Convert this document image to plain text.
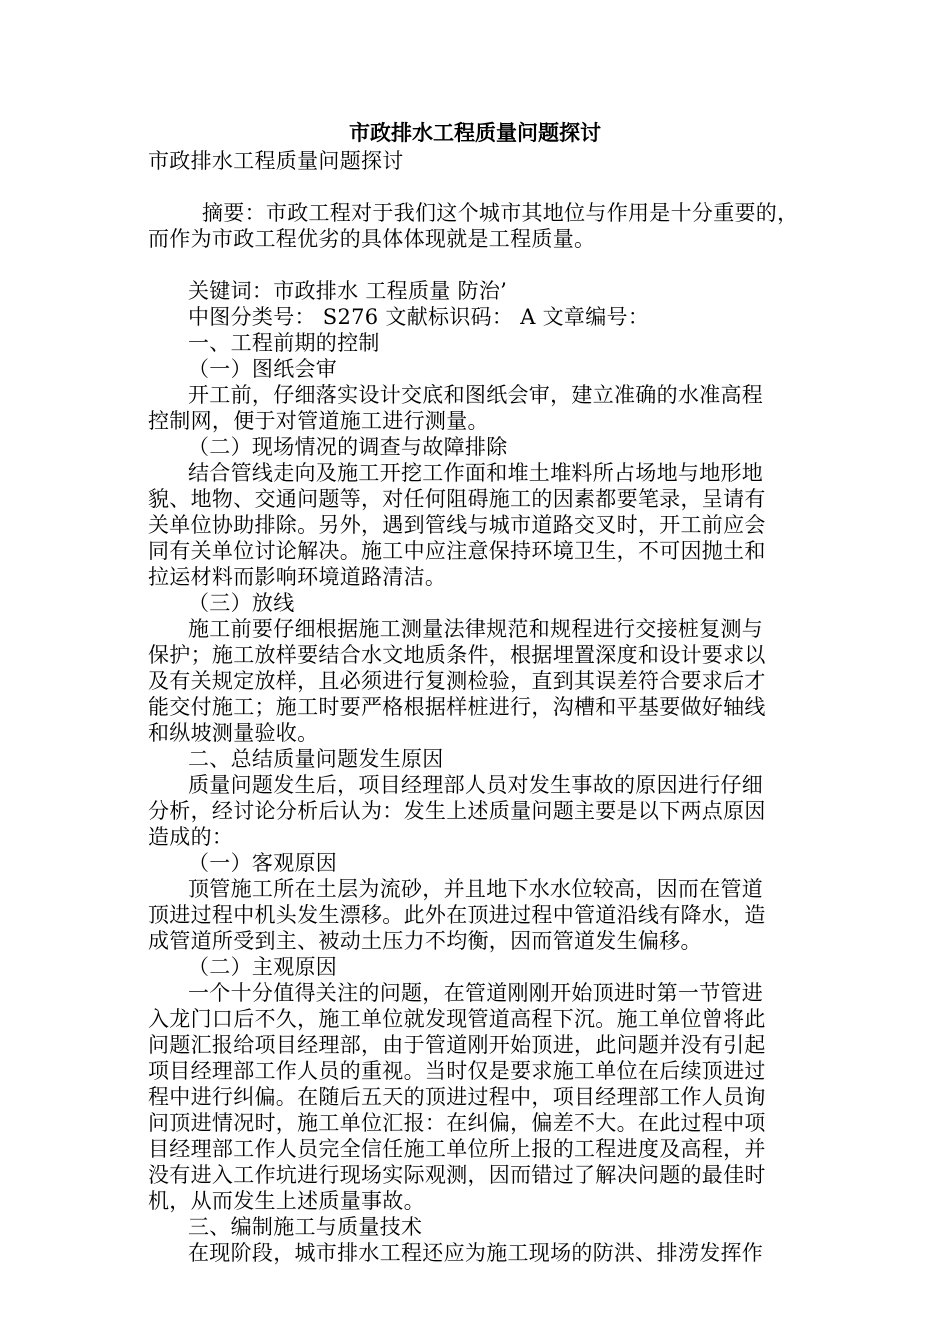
市政排水工程质量问题探讨
市政排水工程质量问题探讨
摘要：市政工程对于我们这个城市其地位与作用是十分重要的，
而作为市政工程优劣的具体体现就是工程质量。
关键词：市政排水 工程质量 防治’
中图分类号： S276 文献标识码： A 文章编号：
一、工程前期的控制
（一）图纸会审
开工前，仔细落实设计交底和图纸会审，建立准确的水准高程
控制网，便于对管道施工进行测量。
（二）现场情况的调查与故障排除
结合管线走向及施工开挖工作面和堆土堆料所占场地与地形地
貌、地物、交通问题等，对任何阻碍施工的因素都要笔录，呈请有
关单位协助排除。另外，遇到管线与城市道路交叉时，开工前应会
同有关单位讨论解决。施工中应注意保持环境卫生，不可因抛土和
拉运材料而影响环境道路清洁。
（三）放线
施工前要仔细根据施工测量法律规范和规程进行交接桩复测与
保护；施工放样要结合水文地质条件，根据埋置深度和设计要求以
及有关规定放样，且必须进行复测检验，直到其误差符合要求后才
能交付施工；施工时要严格根据样桩进行，沟槽和平基要做好轴线
和纵坡测量验收。
二、总结质量问题发生原因
质量问题发生后，项目经理部人员对发生事故的原因进行仔细
分析，经讨论分析后认为：发生上述质量问题主要是以下两点原因
造成的：
（一）客观原因
顶管施工所在土层为流砂，并且地下水水位较高，因而在管道
顶进过程中机头发生漂移。此外在顶进过程中管道沿线有降水，造
成管道所受到主、被动土压力不均衡，因而管道发生偏移。
（二）主观原因
一个十分值得关注的问题，在管道刚刚开始顶进时第一节管进
入龙门口后不久，施工单位就发现管道高程下沉。施工单位曾将此
问题汇报给项目经理部，由于管道刚开始顶进，此问题并没有引起
项目经理部工作人员的重视。当时仅是要求施工单位在后续顶进过
程中进行纠偏。在随后五天的顶进过程中，项目经理部工作人员询
问顶进情况时，施工单位汇报：在纠偏，偏差不大。在此过程中项
目经理部工作人员完全信任施工单位所上报的工程进度及高程，并
没有进入工作坑进行现场实际观测，因而错过了解决问题的最佳时
机，从而发生上述质量事故。
三、编制施工与质量技术
在现阶段，城市排水工程还应为施工现场的防洪、排涝发挥作
